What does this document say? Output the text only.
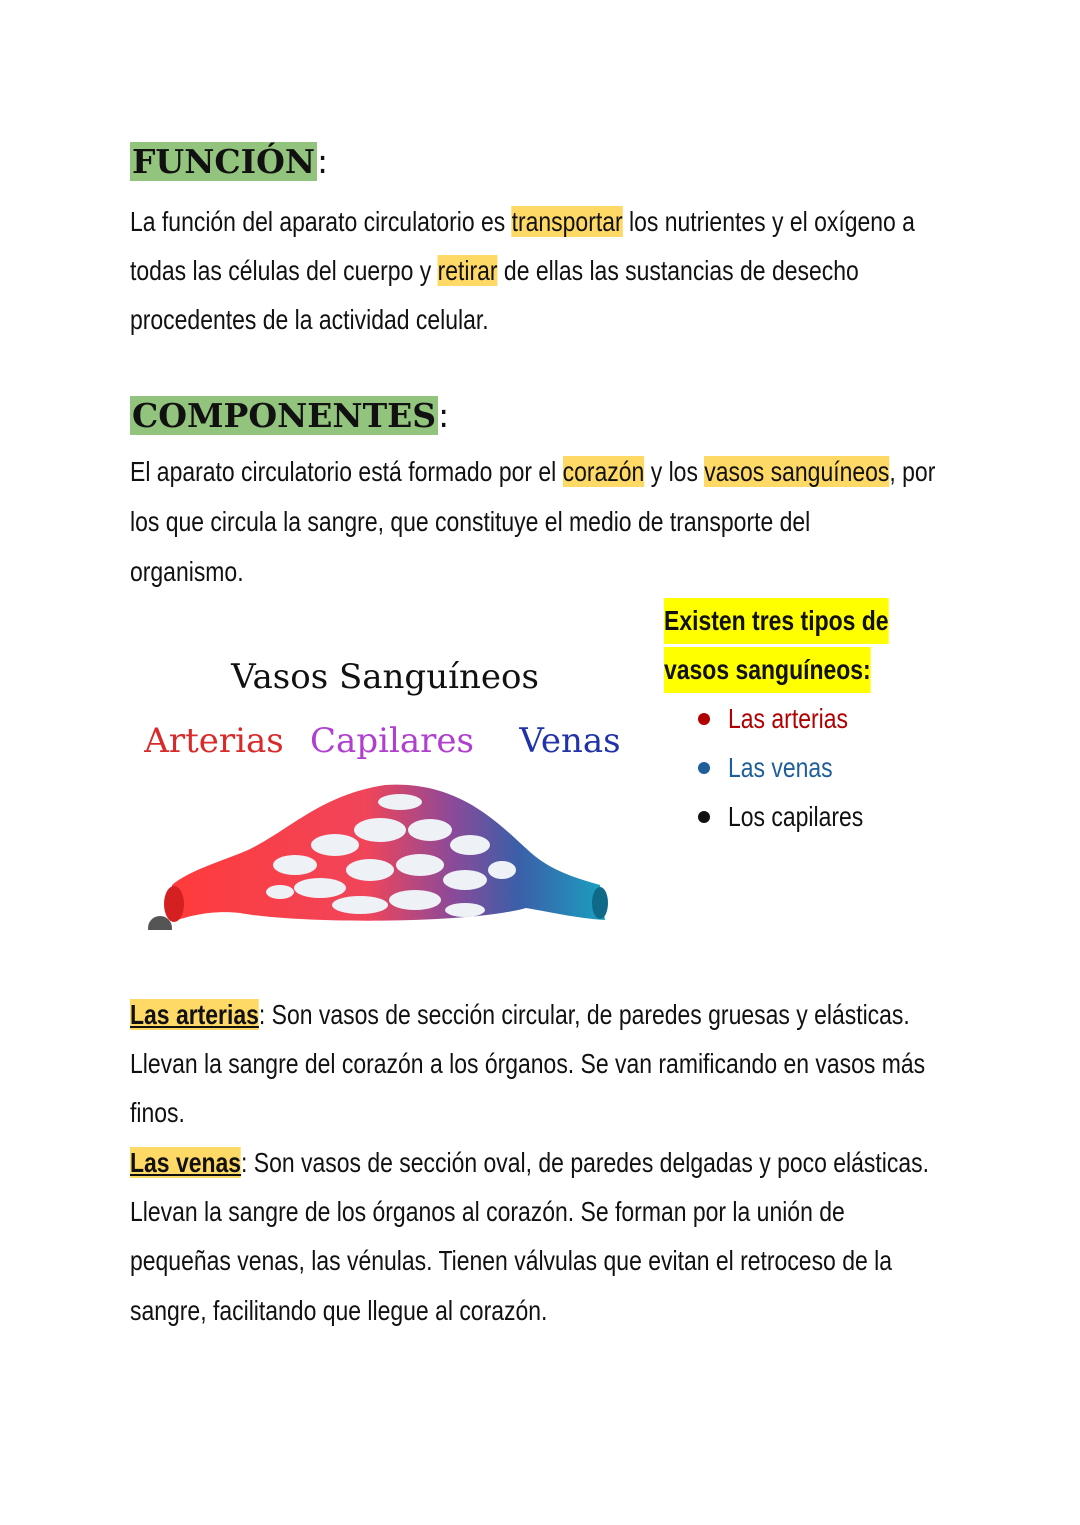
FUNCIÓN:
La función del aparato circulatorio es transportar los nutrientes y el oxígeno a
todas las células del cuerpo y retirar de ellas las sustancias de desecho
procedentes de la actividad celular.
COMPONENTES:
El aparato circulatorio está formado por el corazón y los vasos sanguíneos, por
los que circula la sangre, que constituye el medio de transporte del
organismo.
Vasos Sanguíneos
Arterias Capilares Venas
Existen tres tipos de
vasos sanguíneos:
Las arterias
Las venas
Los capilares
Las arterias: Son vasos de sección circular, de paredes gruesas y elásticas.
Llevan la sangre del corazón a los órganos. Se van ramificando en vasos más
finos.
Las venas: Son vasos de sección oval, de paredes delgadas y poco elásticas.
Llevan la sangre de los órganos al corazón. Se forman por la unión de
pequeñas venas, las vénulas. Tienen válvulas que evitan el retroceso de la
sangre, facilitando que llegue al corazón.
